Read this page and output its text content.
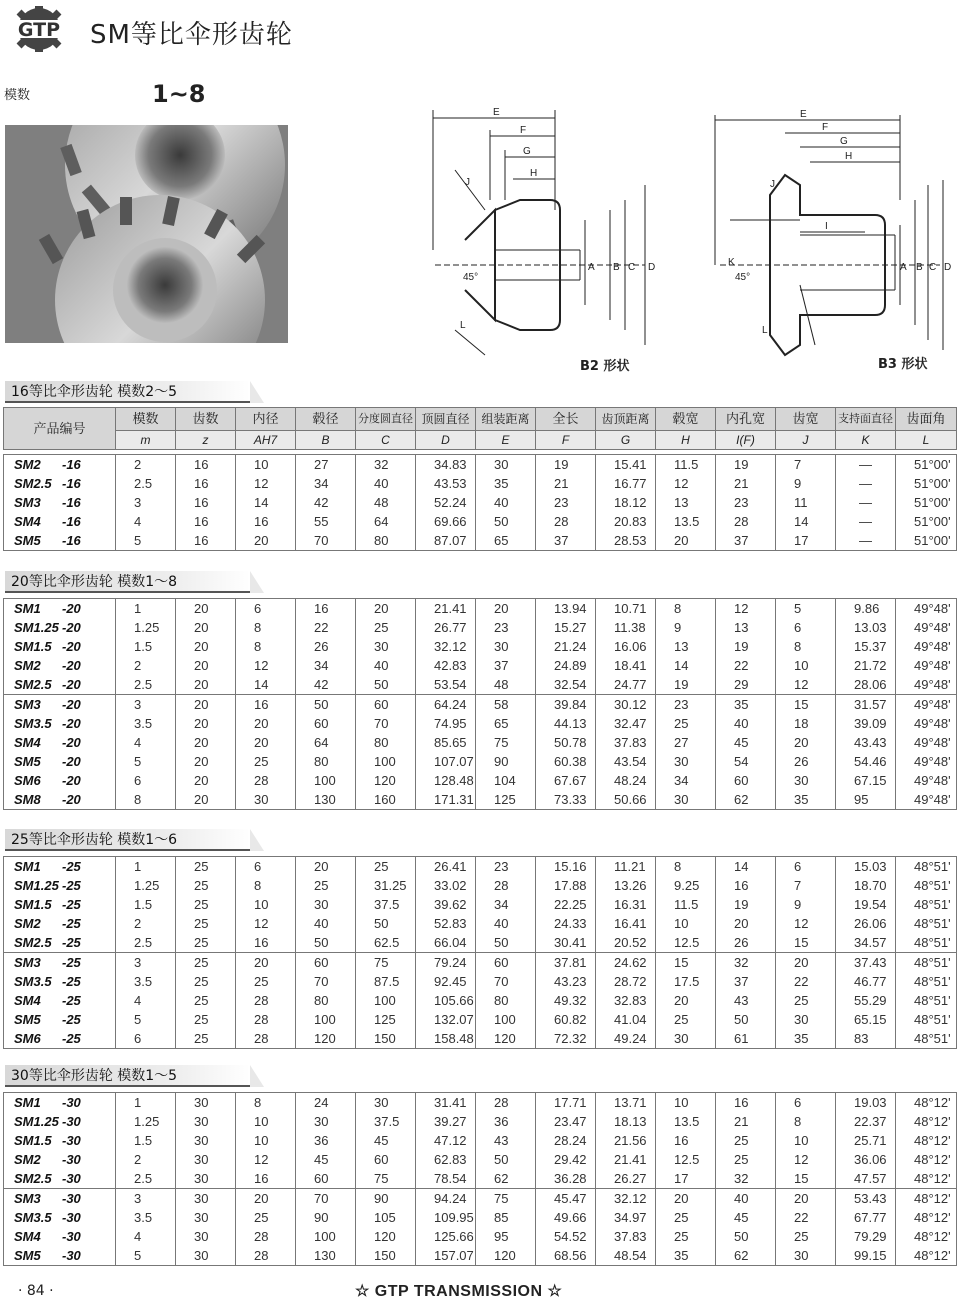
GTP SM等比伞形齿轮
模数	1~8
E
F
G
H
J
A B C D
45°
L
B2 形状
E
F
G
H
I
J
K	A B C D
45°
L
B3 形状
16等比伞形齿轮 模数2～5
产品编号	模数	齿数	内径	毂径	分度圆直径	顶圆直径	组装距离	全长	齿顶距离	毂宽	内孔宽	齿宽	支持面直径	齿面角
	m	z	AH7	B	C	D	E	F	G	H	I(F)	J	K	L
SM2 -16	2	16	10	27	32	34.83	30	19	15.41	11.5	19	7	—	51°00'
SM2.5 -16	2.5	16	12	34	40	43.53	35	21	16.77	12	21	9	—	51°00'
SM3 -16	3	16	14	42	48	52.24	40	23	18.12	13	23	11	—	51°00'
SM4 -16	4	16	16	55	64	69.66	50	28	20.83	13.5	28	14	—	51°00'
SM5 -16	5	16	20	70	80	87.07	65	37	28.53	20	37	17	—	51°00'
20等比伞形齿轮 模数1～8
SM1 -20	1	20	6	16	20	21.41	20	13.94	10.71	8	12	5	9.86	49°48'
SM1.25 -20	1.25	20	8	22	25	26.77	23	15.27	11.38	9	13	6	13.03	49°48'
SM1.5 -20	1.5	20	8	26	30	32.12	30	21.24	16.06	13	19	8	15.37	49°48'
SM2 -20	2	20	12	34	40	42.83	37	24.89	18.41	14	22	10	21.72	49°48'
SM2.5 -20	2.5	20	14	42	50	53.54	48	32.54	24.77	19	29	12	28.06	49°48'
SM3 -20	3	20	16	50	60	64.24	58	39.84	30.12	23	35	15	31.57	49°48'
SM3.5 -20	3.5	20	20	60	70	74.95	65	44.13	32.47	25	40	18	39.09	49°48'
SM4 -20	4	20	20	64	80	85.65	75	50.78	37.83	27	45	20	43.43	49°48'
SM5 -20	5	20	25	80	100	107.07	90	60.38	43.54	30	54	26	54.46	49°48'
SM6 -20	6	20	28	100	120	128.48	104	67.67	48.24	34	60	30	67.15	49°48'
SM8 -20	8	20	30	130	160	171.31	125	73.33	50.66	30	62	35	95	49°48'
25等比伞形齿轮 模数1～6
SM1 -25	1	25	6	20	25	26.41	23	15.16	11.21	8	14	6	15.03	48°51'
SM1.25 -25	1.25	25	8	25	31.25	33.02	28	17.88	13.26	9.25	16	7	18.70	48°51'
SM1.5 -25	1.5	25	10	30	37.5	39.62	34	22.25	16.31	11.5	19	9	19.54	48°51'
SM2 -25	2	25	12	40	50	52.83	40	24.33	16.41	10	20	12	26.06	48°51'
SM2.5 -25	2.5	25	16	50	62.5	66.04	50	30.41	20.52	12.5	26	15	34.57	48°51'
SM3 -25	3	25	20	60	75	79.24	60	37.81	24.62	15	32	20	37.43	48°51'
SM3.5 -25	3.5	25	25	70	87.5	92.45	70	43.23	28.72	17.5	37	22	46.77	48°51'
SM4 -25	4	25	28	80	100	105.66	80	49.32	32.83	20	43	25	55.29	48°51'
SM5 -25	5	25	28	100	125	132.07	100	60.82	41.04	25	50	30	65.15	48°51'
SM6 -25	6	25	28	120	150	158.48	120	72.32	49.24	30	61	35	83	48°51'
30等比伞形齿轮 模数1～5
SM1 -30	1	30	8	24	30	31.41	28	17.71	13.71	10	16	6	19.03	48°12'
SM1.25 -30	1.25	30	10	30	37.5	39.27	36	23.47	18.13	13.5	21	8	22.37	48°12'
SM1.5 -30	1.5	30	10	36	45	47.12	43	28.24	21.56	16	25	10	25.71	48°12'
SM2 -30	2	30	12	45	60	62.83	50	29.42	21.41	12.5	25	12	36.06	48°12'
SM2.5 -30	2.5	30	16	60	75	78.54	62	36.28	26.27	17	32	15	47.57	48°12'
SM3 -30	3	30	20	70	90	94.24	75	45.47	32.12	20	40	20	53.43	48°12'
SM3.5 -30	3.5	30	25	90	105	109.95	85	49.66	34.97	25	45	22	67.77	48°12'
SM4 -30	4	30	28	100	120	125.66	95	54.52	37.83	25	50	25	79.29	48°12'
SM5 -30	5	30	28	130	150	157.07	120	68.56	48.54	35	62	30	99.15	48°12'
· 84 ·	☆ GTP TRANSMISSION ☆
